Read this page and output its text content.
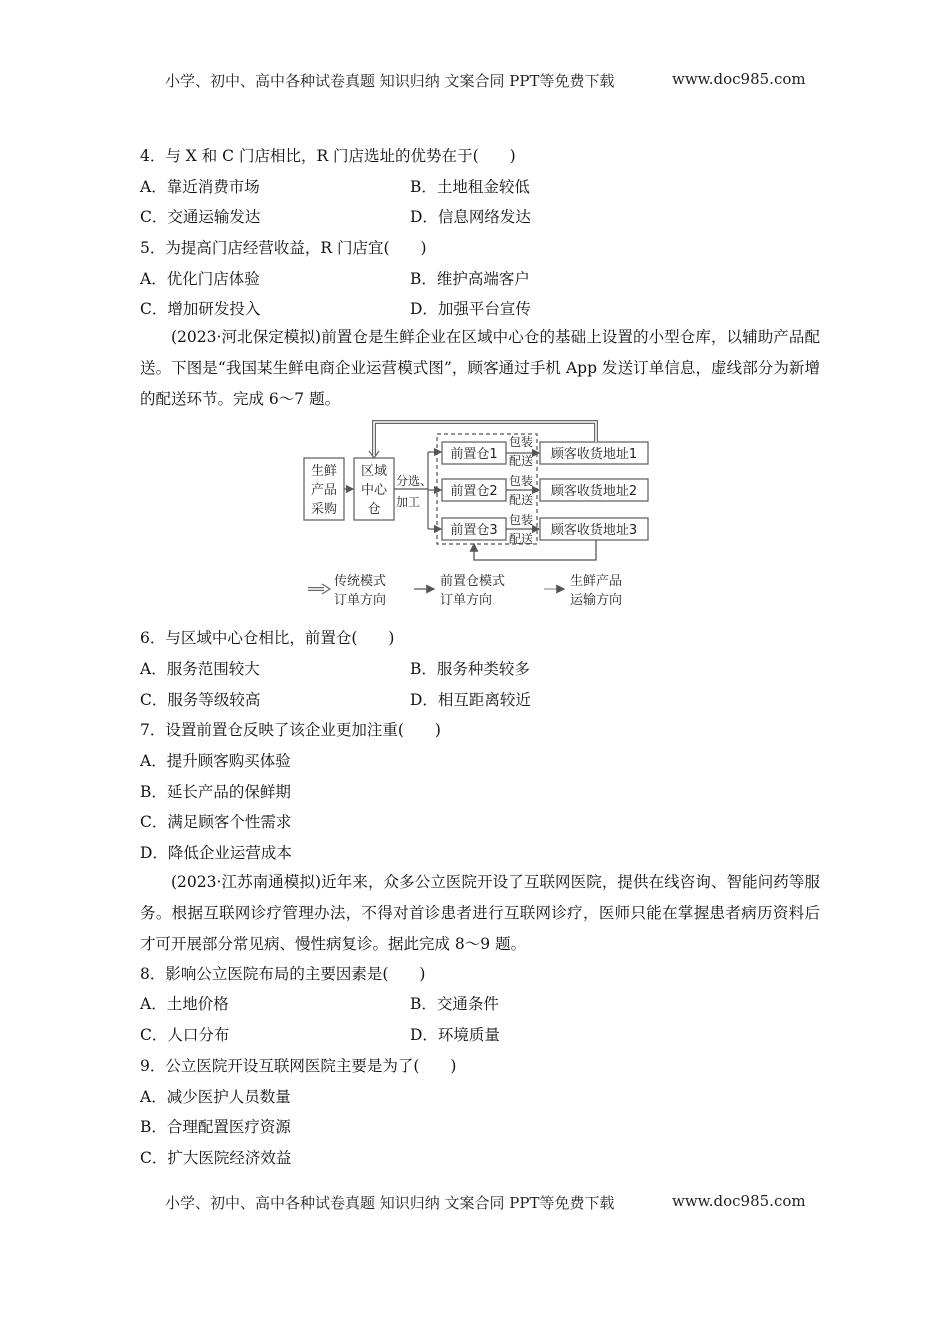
小学、初中、高中各种试卷真题 知识归纳 文案合同 PPT等免费下载	www.doc985.com
4．与 X 和 C 门店相比，R 门店选址的优势在于(　　)
A．靠近消费市场	B．土地租金较低
C．交通运输发达	D．信息网络发达
5．为提高门店经营收益，R 门店宜(　　)
A．优化门店体验	B．维护高端客户
C．增加研发投入	D．加强平台宣传
(2023·河北保定模拟)前置仓是生鲜企业在区域中心仓的基础上设置的小型仓库，以辅助产品配送。下图是“我国某生鲜电商企业运营模式图”，顾客通过手机 App 发送订单信息，虚线部分为新增的配送环节。完成 6～7 题。
生鲜
产品
采购
区域
中心
仓
分选、
加工
前置仓1
前置仓2
前置仓3
包装
配送
包装
配送
包装
配送
顾客收货地址1
顾客收货地址2
顾客收货地址3
传统模式
订单方向
前置仓模式
订单方向
生鲜产品
运输方向
6．与区域中心仓相比，前置仓(　　)
A．服务范围较大	B．服务种类较多
C．服务等级较高	D．相互距离较近
7．设置前置仓反映了该企业更加注重(　　)
A．提升顾客购买体验
B．延长产品的保鲜期
C．满足顾客个性需求
D．降低企业运营成本
(2023·江苏南通模拟)近年来，众多公立医院开设了互联网医院，提供在线咨询、智能问药等服务。根据互联网诊疗管理办法，不得对首诊患者进行互联网诊疗，医师只能在掌握患者病历资料后才可开展部分常见病、慢性病复诊。据此完成 8～9 题。
8．影响公立医院布局的主要因素是(　　)
A．土地价格	B．交通条件
C．人口分布	D．环境质量
9．公立医院开设互联网医院主要是为了(　　)
A．减少医护人员数量
B．合理配置医疗资源
C．扩大医院经济效益
小学、初中、高中各种试卷真题 知识归纳 文案合同 PPT等免费下载	www.doc985.com
